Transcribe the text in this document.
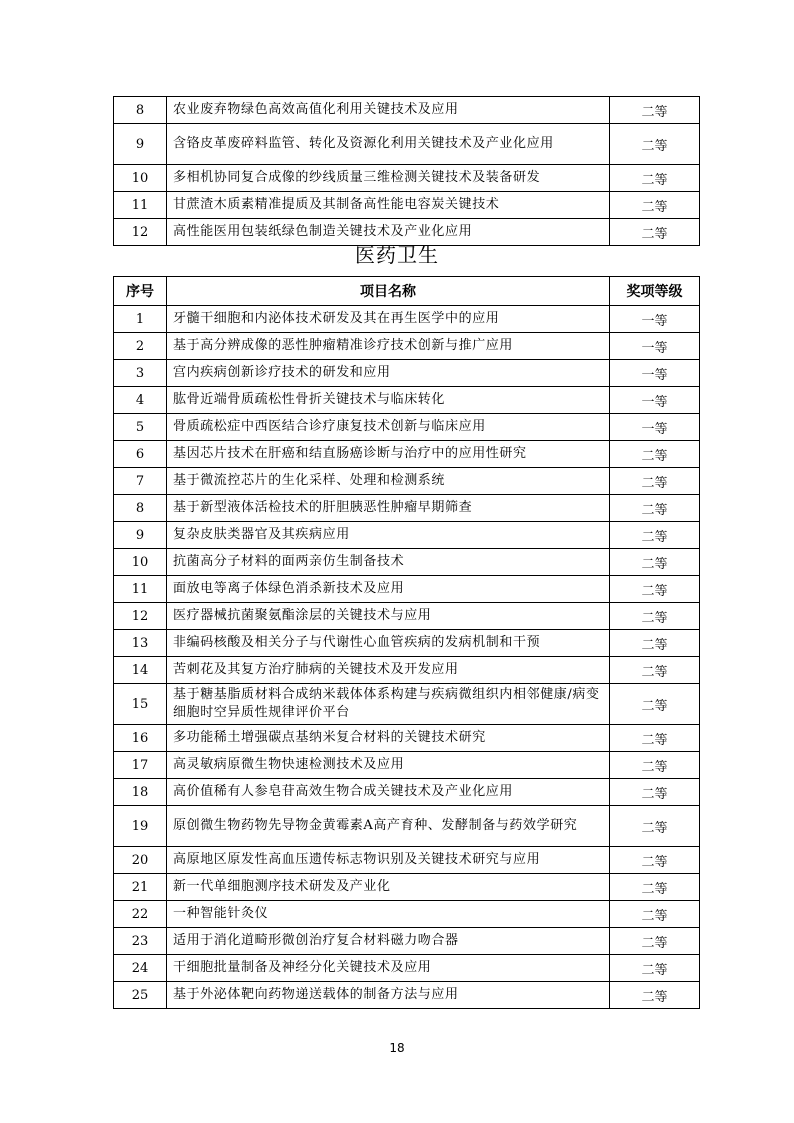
8	农业废弃物绿色高效高值化利用关键技术及应用	二等
9	含铬皮革废碎料监管、转化及资源化利用关键技术及产业化应用	二等
10	多相机协同复合成像的纱线质量三维检测关键技术及装备研发	二等
11	甘蔗渣木质素精准提质及其制备高性能电容炭关键技术	二等
12	高性能医用包装纸绿色制造关键技术及产业化应用	二等
医药卫生
序号	项目名称	奖项等级
1	牙髓干细胞和内泌体技术研发及其在再生医学中的应用	一等
2	基于高分辨成像的恶性肿瘤精准诊疗技术创新与推广应用	一等
3	宫内疾病创新诊疗技术的研发和应用	一等
4	肱骨近端骨质疏松性骨折关键技术与临床转化	一等
5	骨质疏松症中西医结合诊疗康复技术创新与临床应用	一等
6	基因芯片技术在肝癌和结直肠癌诊断与治疗中的应用性研究	二等
7	基于微流控芯片的生化采样、处理和检测系统	二等
8	基于新型液体活检技术的肝胆胰恶性肿瘤早期筛查	二等
9	复杂皮肤类器官及其疾病应用	二等
10	抗菌高分子材料的面两亲仿生制备技术	二等
11	面放电等离子体绿色消杀新技术及应用	二等
12	医疗器械抗菌聚氨酯涂层的关键技术与应用	二等
13	非编码核酸及相关分子与代谢性心血管疾病的发病机制和干预	二等
14	苦刺花及其复方治疗肺病的关键技术及开发应用	二等
15	基于糖基脂质材料合成纳米载体体系构建与疾病微组织内相邻健康/病变细胞时空异质性规律评价平台	二等
16	多功能稀土增强碳点基纳米复合材料的关键技术研究	二等
17	高灵敏病原微生物快速检测技术及应用	二等
18	高价值稀有人参皂苷高效生物合成关键技术及产业化应用	二等
19	原创微生物药物先导物金黄霉素A高产育种、发酵制备与药效学研究	二等
20	高原地区原发性高血压遗传标志物识别及关键技术研究与应用	二等
21	新一代单细胞测序技术研发及产业化	二等
22	一种智能针灸仪	二等
23	适用于消化道畸形微创治疗复合材料磁力吻合器	二等
24	干细胞批量制备及神经分化关键技术及应用	二等
25	基于外泌体靶向药物递送载体的制备方法与应用	二等
18
